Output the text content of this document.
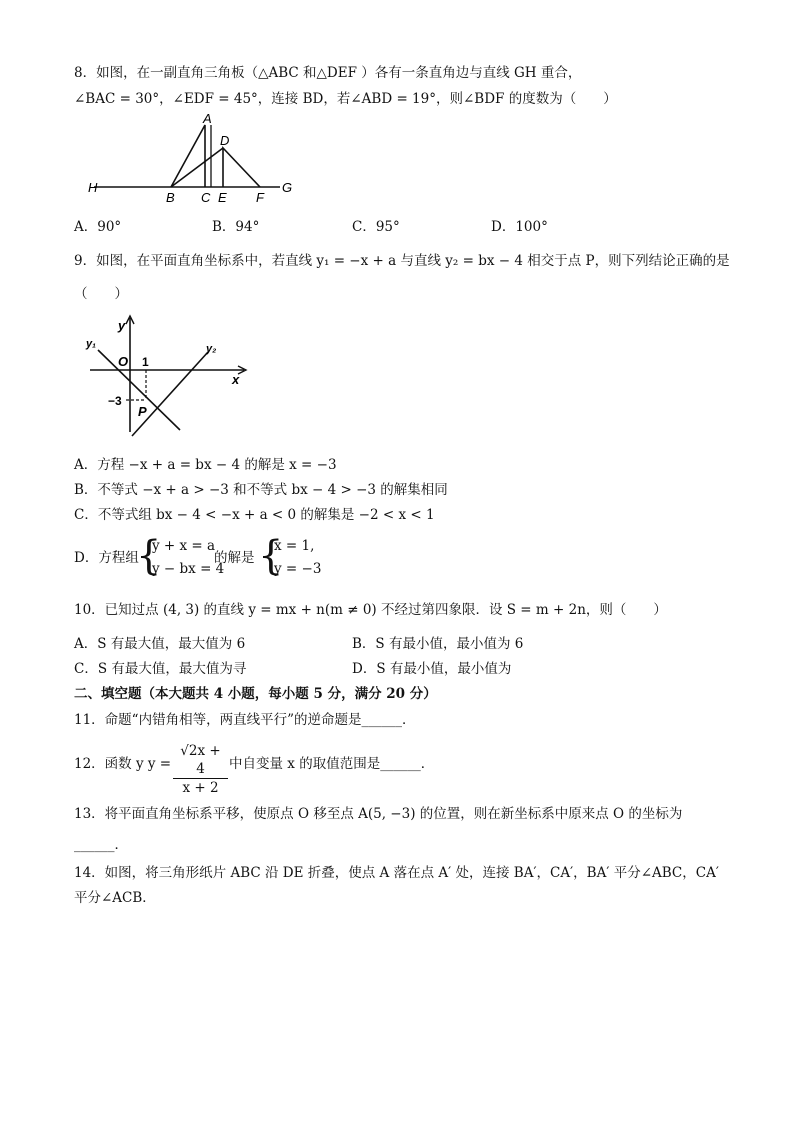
8．如图，在一副直角三角板（△ABC 和△DEF ）各有一条直角边与直线 GH 重合，
∠BAC = 30°，∠EDF = 45°，连接 BD，若∠ABD = 19°，则∠BDF 的度数为（　　）
A
D
H
B C E F
G
A．90°	B．94°	C．95°	D．100°
9．如图，在平面直角坐标系中，若直线 y₁ = −x + a 与直线 y₂ = bx − 4 相交于点 P，则下列结论正确的是
（　　）
y
x
y₁	y₂
O 1
−3
P
A．方程 −x + a = bx − 4 的解是 x = −3
B．不等式 −x + a > −3 和不等式 bx − 4 > −3 的解集相同
C．不等式组 bx − 4 < −x + a < 0 的解集是 −2 < x < 1
D．方程组
{
y + x = a
y − bx = 4
的解是 {
x = 1,
y = −3
10．已知过点 (4, 3) 的直线 y = mx + n(m ≠ 0) 不经过第四象限．设 S = m + 2n，则（　　）
A．S 有最大值，最大值为 6	B．S 有最小值，最小值为 6
C．S 有最大值，最大值为寻	D．S 有最小值，最小值为
二、填空题（本大题共 4 小题，每小题 5 分，满分 20 分）
11．命题“内错角相等，两直线平行”的逆命题是______．
12．函数 y $y = \frac{√2x + 4}{x + 2}$ 中自变量 x 的取值范围是______．
13．将平面直角坐标系平移，使原点 O 移至点 A(5, −3) 的位置，则在新坐标系中原来点 O 的坐标为
______．
14．如图，将三角形纸片 ABC 沿 DE 折叠，使点 A 落在点 A′ 处，连接 BA′，CA′，BA′ 平分∠ABC，CA′
平分∠ACB．
